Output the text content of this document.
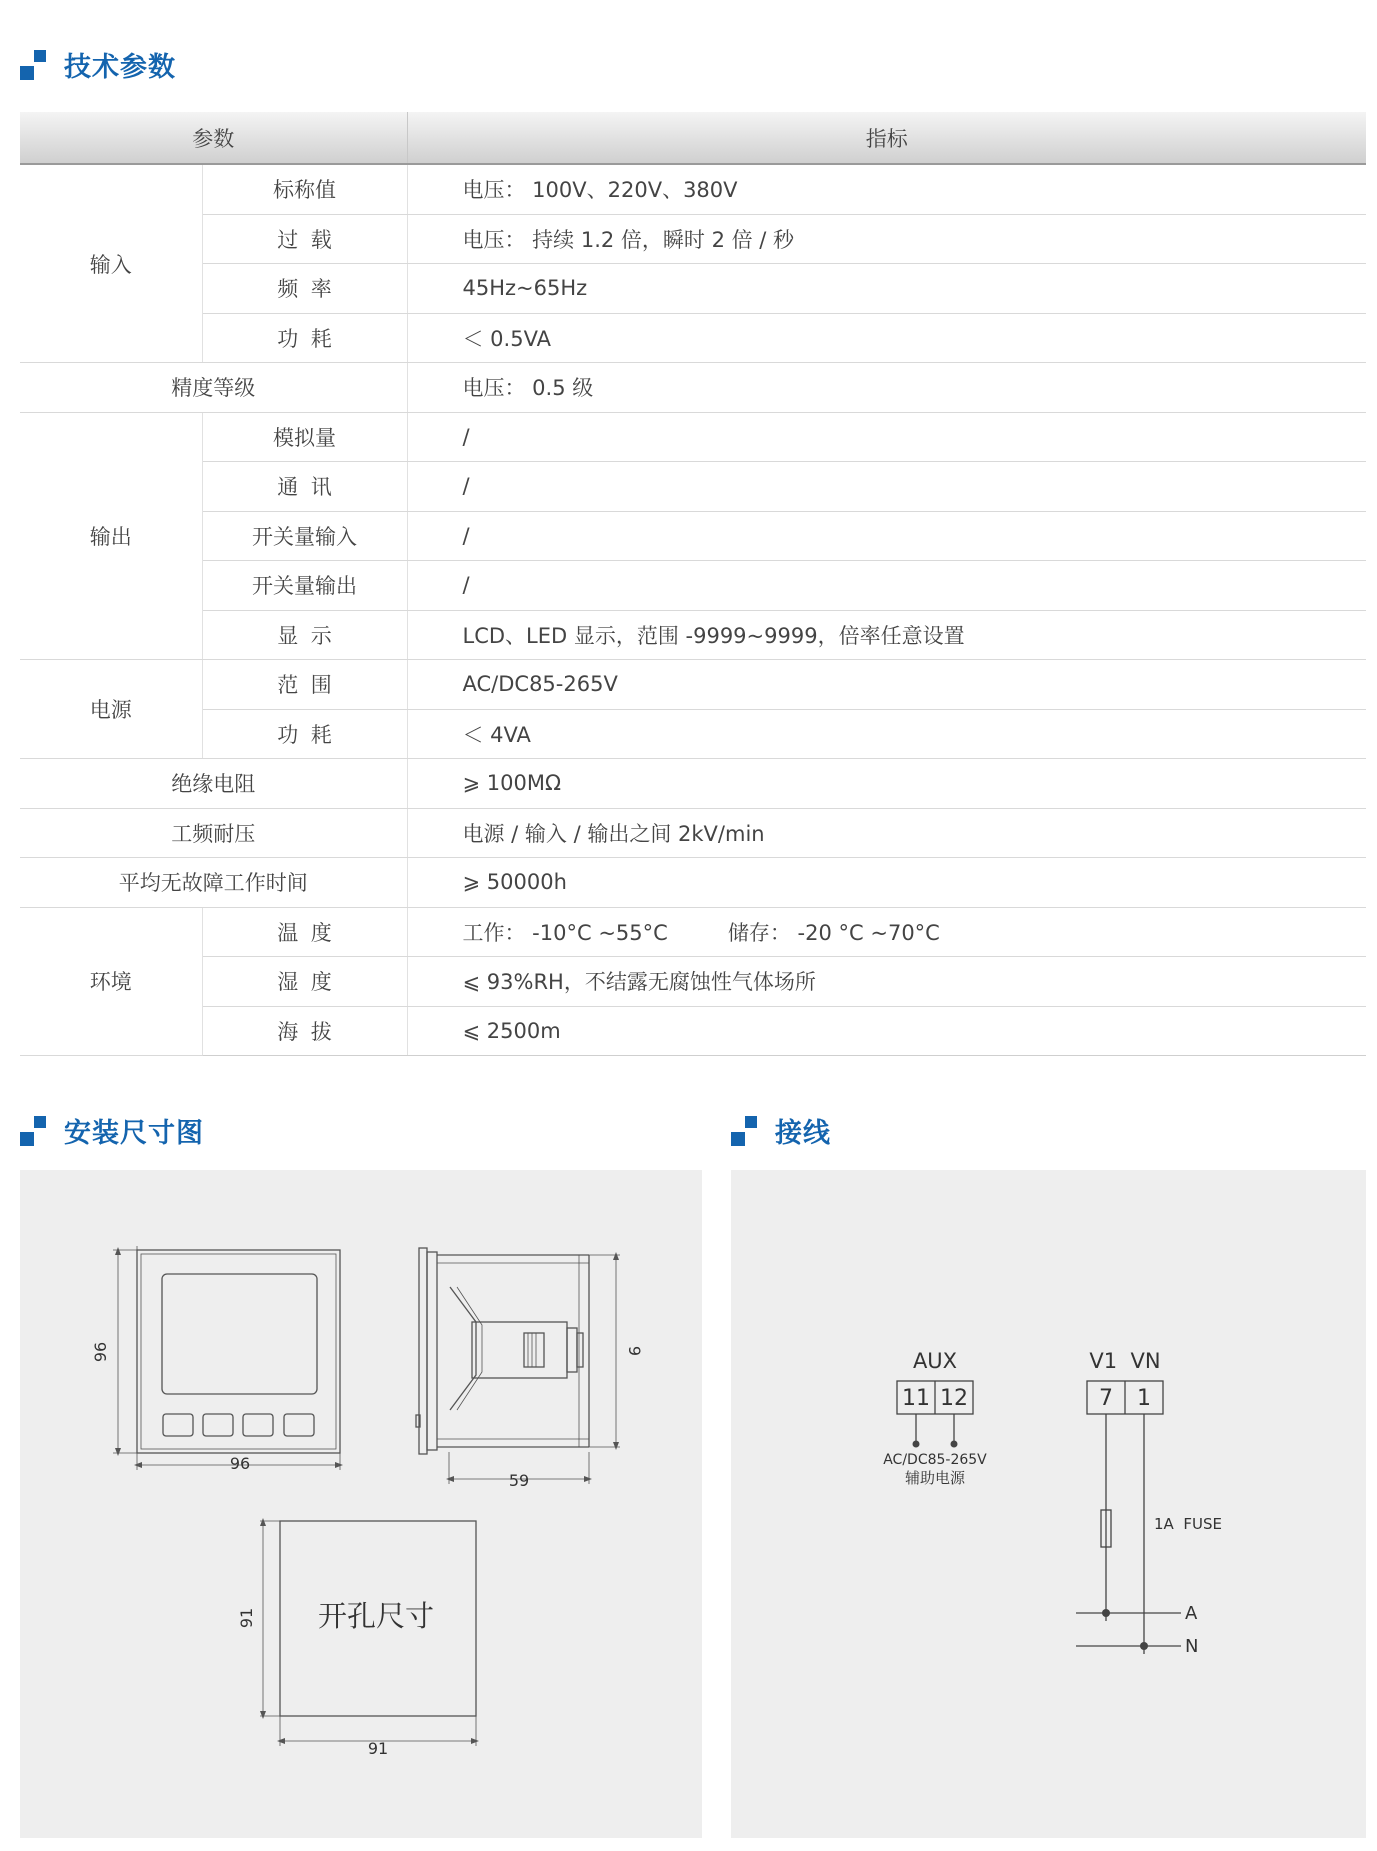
技术参数
参数		指标
输入	标称值	电压： 100V、220V、380V
	过载	电压： 持续 1.2 倍，瞬时 2 倍 / 秒
	频率	45Hz~65Hz
	功耗	＜ 0.5VA
精度等级		电压： 0.5 级
输出	模拟量	/
	通讯	/
	开关量输入	/
	开关量输出	/
	显示	LCD、LED 显示，范围 -9999~9999，倍率任意设置
电源	范围	AC/DC85-265V
	功耗	＜ 4VA
绝缘电阻		⩾ 100MΩ
工频耐压		电源 / 输入 / 输出之间 2kV/min
平均无故障工作时间		⩾ 50000h
环境	温度	工作： -10°C ~55°C         储存： -20 °C ~70°C
	湿度	⩽ 93%RH，不结露无腐蚀性气体场所
	海拔	⩽ 2500m
安装尺寸图	接线
96
96	9
59
91
91
开孔尺寸
AUX
11 12
AC/DC85-265V
辅助电源
V1  VN
7 1
1A  FUSE
A
N
